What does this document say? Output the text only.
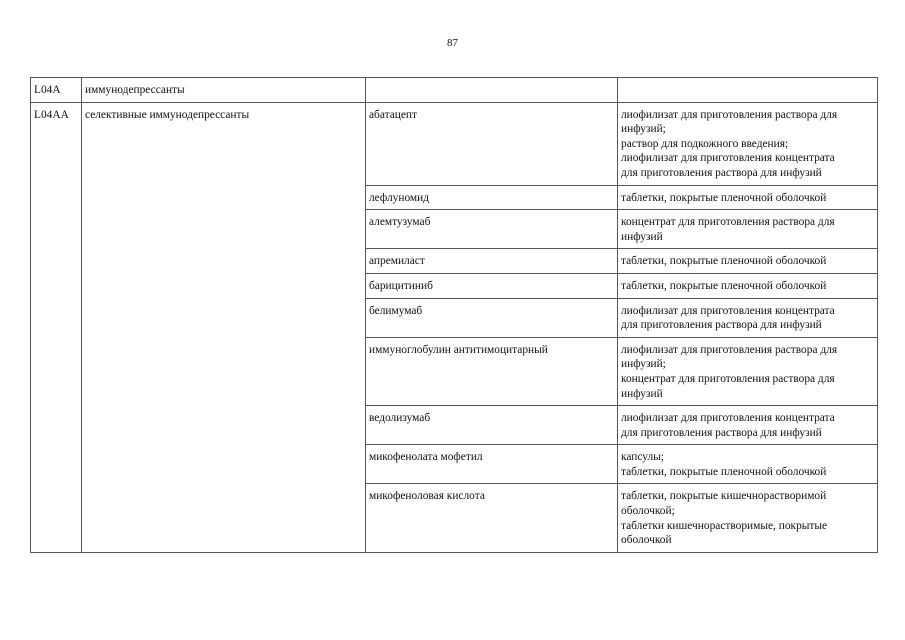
87
L04A	иммунодепрессанты		
L04AA	селективные иммунодепрессанты	абатацепт	лиофилизат для приготовления раствора для
инфузий;
раствор для подкожного введения;
лиофилизат для приготовления концентрата
для приготовления раствора для инфузий

		лефлуномид	таблетки, покрытые пленочной оболочкой

		алемтузумаб	концентрат для приготовления раствора для
инфузий

		апремиласт	таблетки, покрытые пленочной оболочкой

		барицитиниб	таблетки, покрытые пленочной оболочкой

		белимумаб	лиофилизат для приготовления концентрата
для приготовления раствора для инфузий

		иммуноглобулин антитимоцитарный	лиофилизат для приготовления раствора для
инфузий;
концентрат для приготовления раствора для
инфузий

		ведолизумаб	лиофилизат для приготовления концентрата
для приготовления раствора для инфузий

		микофенолата мофетил	капсулы;
таблетки, покрытые пленочной оболочкой

		микофеноловая кислота	таблетки, покрытые кишечнорастворимой
оболочкой;
таблетки кишечнорастворимые, покрытые
оболочкой
